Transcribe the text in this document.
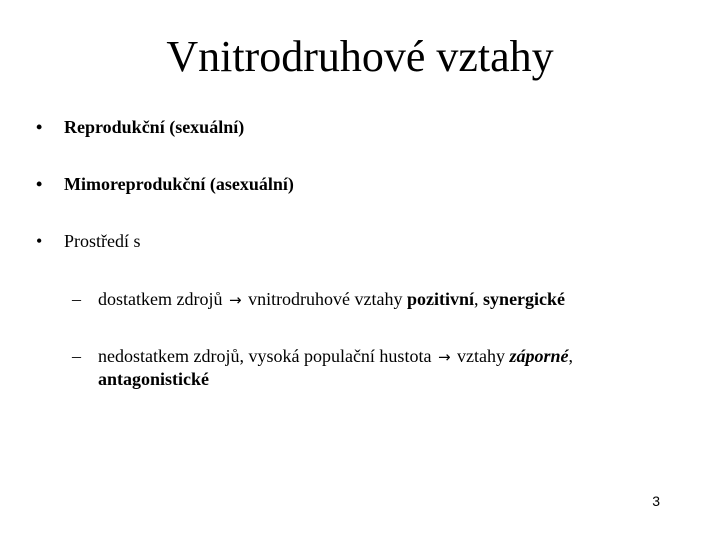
Vnitrodruhové vztahy
• Reprodukční (sexuální)
• Mimoreprodukční (asexuální)
• Prostředí s
– dostatkem zdrojů → vnitrodruhové vztahy pozitivní, synergické
– nedostatkem zdrojů, vysoká populační hustota → vztahy záporné,
antagonistické
3
